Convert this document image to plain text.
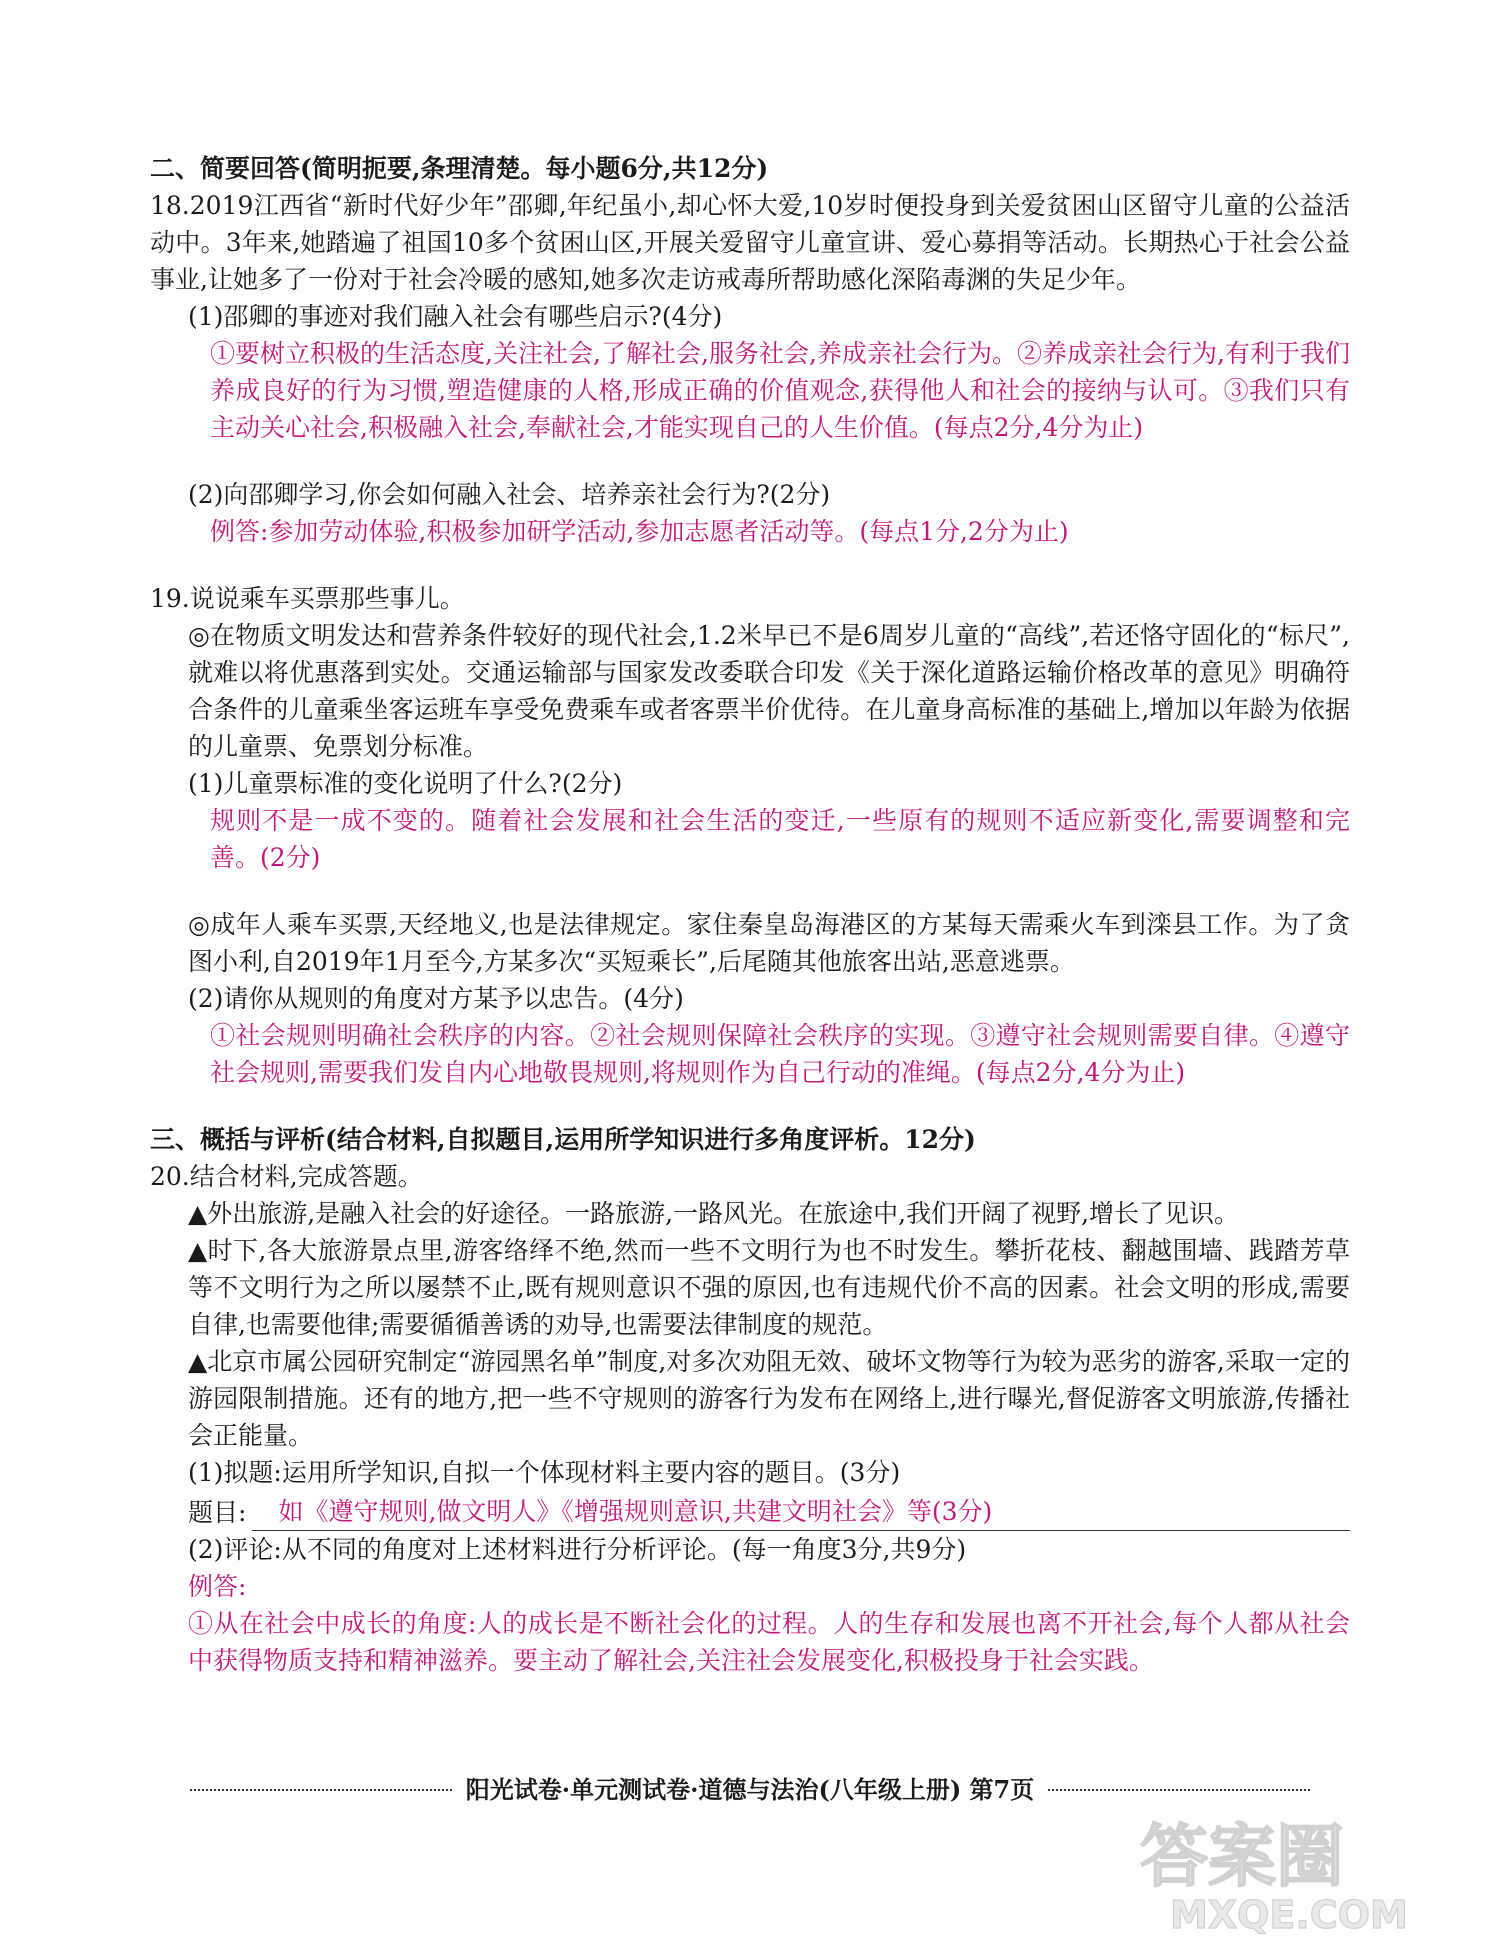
二、简要回答(简明扼要,条理清楚。每小题6分,共12分)

18.2019江西省“新时代好少年”邵卿,年纪虽小,却心怀大爱,10岁时便投身到关爱贫困山区留守儿童的公益活动中。3年来,她踏遍了祖国10多个贫困山区,开展关爱留守儿童宣讲、爱心募捐等活动。长期热心于社会公益事业,让她多了一份对于社会冷暖的感知,她多次走访戒毒所帮助感化深陷毒渊的失足少年。

(1)邵卿的事迹对我们融入社会有哪些启示?(4分)

①要树立积极的生活态度,关注社会,了解社会,服务社会,养成亲社会行为。②养成亲社会行为,有利于我们养成良好的行为习惯,塑造健康的人格,形成正确的价值观念,获得他人和社会的接纳与认可。③我们只有主动关心社会,积极融入社会,奉献社会,才能实现自己的人生价值。(每点2分,4分为止)

(2)向邵卿学习,你会如何融入社会、培养亲社会行为?(2分)

例答:参加劳动体验,积极参加研学活动,参加志愿者活动等。(每点1分,2分为止)

19.说说乘车买票那些事儿。

◎在物质文明发达和营养条件较好的现代社会,1.2米早已不是6周岁儿童的“高线”,若还恪守固化的“标尺”,就难以将优惠落到实处。交通运输部与国家发改委联合印发《关于深化道路运输价格改革的意见》明确符合条件的儿童乘坐客运班车享受免费乘车或者客票半价优待。在儿童身高标准的基础上,增加以年龄为依据的儿童票、免票划分标准。

(1)儿童票标准的变化说明了什么?(2分)

规则不是一成不变的。随着社会发展和社会生活的变迁,一些原有的规则不适应新变化,需要调整和完善。(2分)

◎成年人乘车买票,天经地义,也是法律规定。家住秦皇岛海港区的方某每天需乘火车到滦县工作。为了贪图小利,自2019年1月至今,方某多次“买短乘长”,后尾随其他旅客出站,恶意逃票。

(2)请你从规则的角度对方某予以忠告。(4分)

①社会规则明确社会秩序的内容。②社会规则保障社会秩序的实现。③遵守社会规则需要自律。④遵守社会规则,需要我们发自内心地敬畏规则,将规则作为自己行动的准绳。(每点2分,4分为止)

三、概括与评析(结合材料,自拟题目,运用所学知识进行多角度评析。12分)

20.结合材料,完成答题。

▲外出旅游,是融入社会的好途径。一路旅游,一路风光。在旅途中,我们开阔了视野,增长了见识。

▲时下,各大旅游景点里,游客络绎不绝,然而一些不文明行为也不时发生。攀折花枝、翻越围墙、践踏芳草等不文明行为之所以屡禁不止,既有规则意识不强的原因,也有违规代价不高的因素。社会文明的形成,需要自律,也需要他律;需要循循善诱的劝导,也需要法律制度的规范。

▲北京市属公园研究制定“游园黑名单”制度,对多次劝阻无效、破坏文物等行为较为恶劣的游客,采取一定的游园限制措施。还有的地方,把一些不守规则的游客行为发布在网络上,进行曝光,督促游客文明旅游,传播社会正能量。

(1)拟题:运用所学知识,自拟一个体现材料主要内容的题目。(3分)

题目:	如《遵守规则,做文明人》《增强规则意识,共建文明社会》等(3分)

(2)评论:从不同的角度对上述材料进行分析评论。(每一角度3分,共9分)

例答:

①从在社会中成长的角度:人的成长是不断社会化的过程。人的生存和发展也离不开社会,每个人都从社会中获得物质支持和精神滋养。要主动了解社会,关注社会发展变化,积极投身于社会实践。

阳光试卷·单元测试卷·道德与法治(八年级上册) 第7页
答案圈
MXQE.COM
